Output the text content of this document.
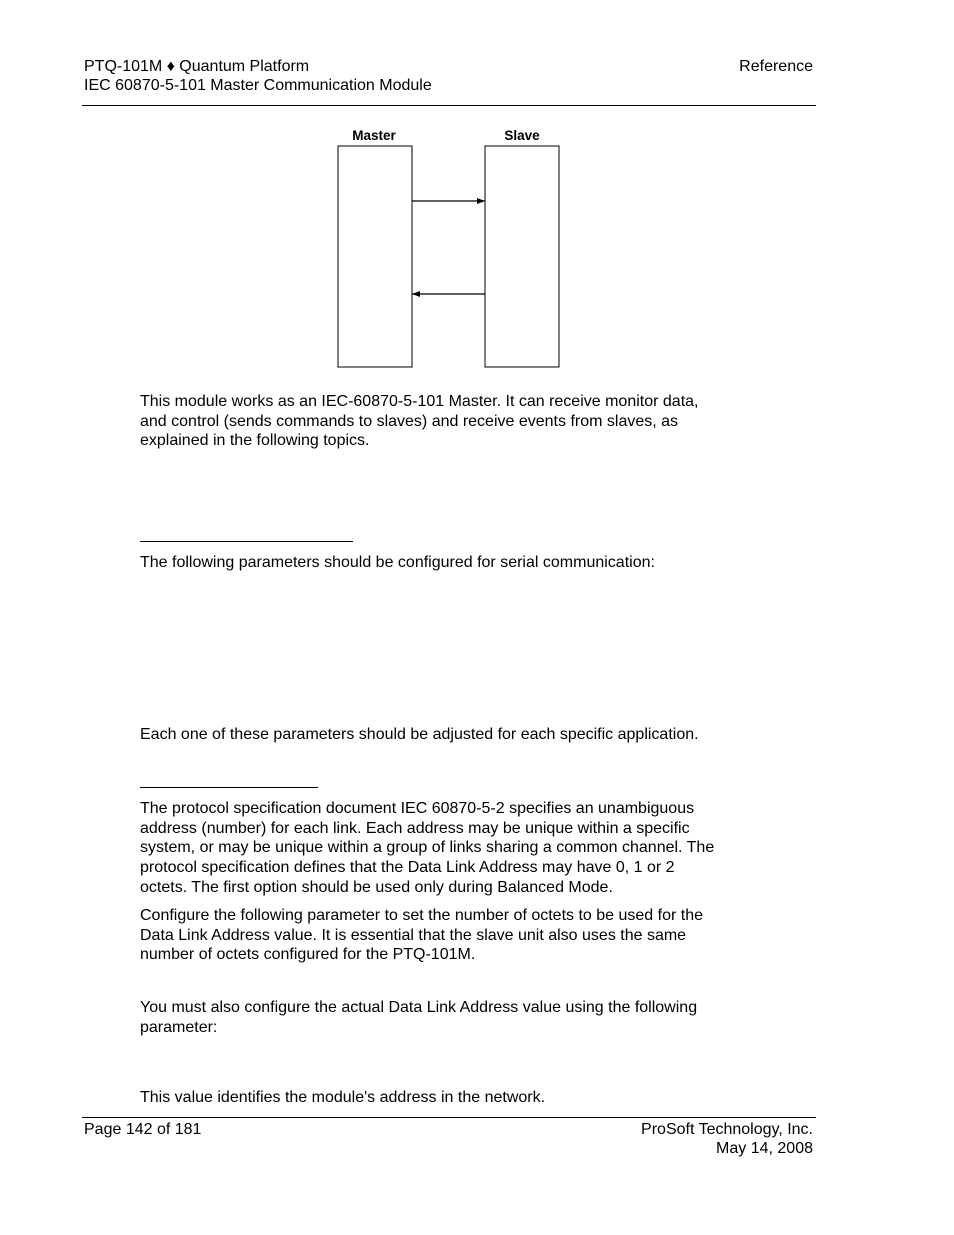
PTQ-101M ♦ Quantum Platform
IEC 60870-5-101 Master Communication Module
Reference
Master	Slave
This module works as an IEC-60870-5-101 Master. It can receive monitor data,
and control (sends commands to slaves) and receive events from slaves, as
explained in the following topics.
The following parameters should be configured for serial communication:
Each one of these parameters should be adjusted for each specific application.
The protocol specification document IEC 60870-5-2 specifies an unambiguous
address (number) for each link. Each address may be unique within a specific
system, or may be unique within a group of links sharing a common channel. The
protocol specification defines that the Data Link Address may have 0, 1 or 2
octets. The first option should be used only during Balanced Mode.
Configure the following parameter to set the number of octets to be used for the
Data Link Address value. It is essential that the slave unit also uses the same
number of octets configured for the PTQ-101M.
You must also configure the actual Data Link Address value using the following
parameter:
This value identifies the module's address in the network.
Page 142 of 181	ProSoft Technology, Inc.
May 14, 2008
